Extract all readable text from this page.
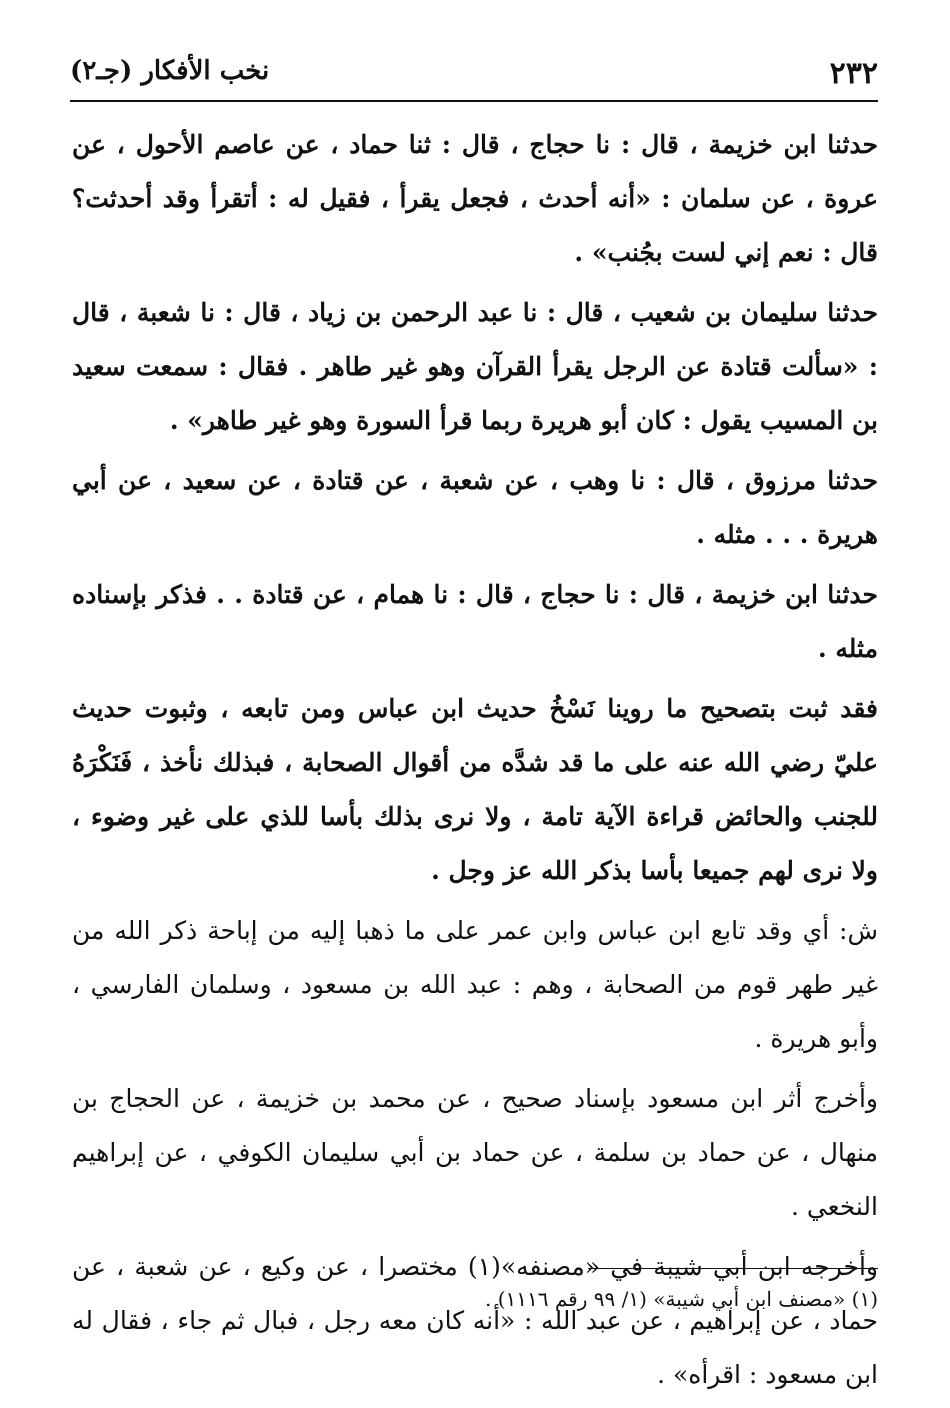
٢٣٢
نخب الأفكار (جـ٢)

حدثنا ابن خزيمة ، قال : نا حجاج ، قال : ثنا حماد ، عن عاصم الأحول ، عن عروة ، عن سلمان : «أنه أحدث ، فجعل يقرأ ، فقيل له : أتقرأ وقد أحدثت؟ قال : نعم إني لست بجُنب» .

حدثنا سليمان بن شعيب ، قال : نا عبد الرحمن بن زياد ، قال : نا شعبة ، قال : «سألت قتادة عن الرجل يقرأ القرآن وهو غير طاهر . فقال : سمعت سعيد بن المسيب يقول : كان أبو هريرة ربما قرأ السورة وهو غير طاهر» .

حدثنا مرزوق ، قال : نا وهب ، عن شعبة ، عن قتادة ، عن سعيد ، عن أبي هريرة . . . مثله .

حدثنا ابن خزيمة ، قال : نا حجاج ، قال : نا همام ، عن قتادة . . فذكر بإسناده مثله .

فقد ثبت بتصحيح ما روينا نَسْخُ حديث ابن عباس ومن تابعه ، وثبوت حديث عليّ رضي الله عنه على ما قد شدَّه من أقوال الصحابة ، فبذلك نأخذ ، فَنَكْرَهُ للجنب والحائض قراءة الآية تامة ، ولا نرى بذلك بأسا للذي على غير وضوء ، ولا نرى لهم جميعا بأسا بذكر الله عز وجل .

ش: أي وقد تابع ابن عباس وابن عمر على ما ذهبا إليه من إباحة ذكر الله من غير طهر قوم من الصحابة ، وهم : عبد الله بن مسعود ، وسلمان الفارسي ، وأبو هريرة .

وأخرج أثر ابن مسعود بإسناد صحيح ، عن محمد بن خزيمة ، عن الحجاج بن منهال ، عن حماد بن سلمة ، عن حماد بن أبي سليمان الكوفي ، عن إبراهيم النخعي .

وأخرجه ابن أبي شيبة في «مصنفه»(١) مختصرا ، عن وكيع ، عن شعبة ، عن حماد ، عن إبراهيم ، عن عبد الله : «أنه كان معه رجل ، فبال ثم جاء ، فقال له ابن مسعود : اقرأه» .

(١) «مصنف ابن أبي شيبة» (١/ ٩٩ رقم ١١١٦) .
